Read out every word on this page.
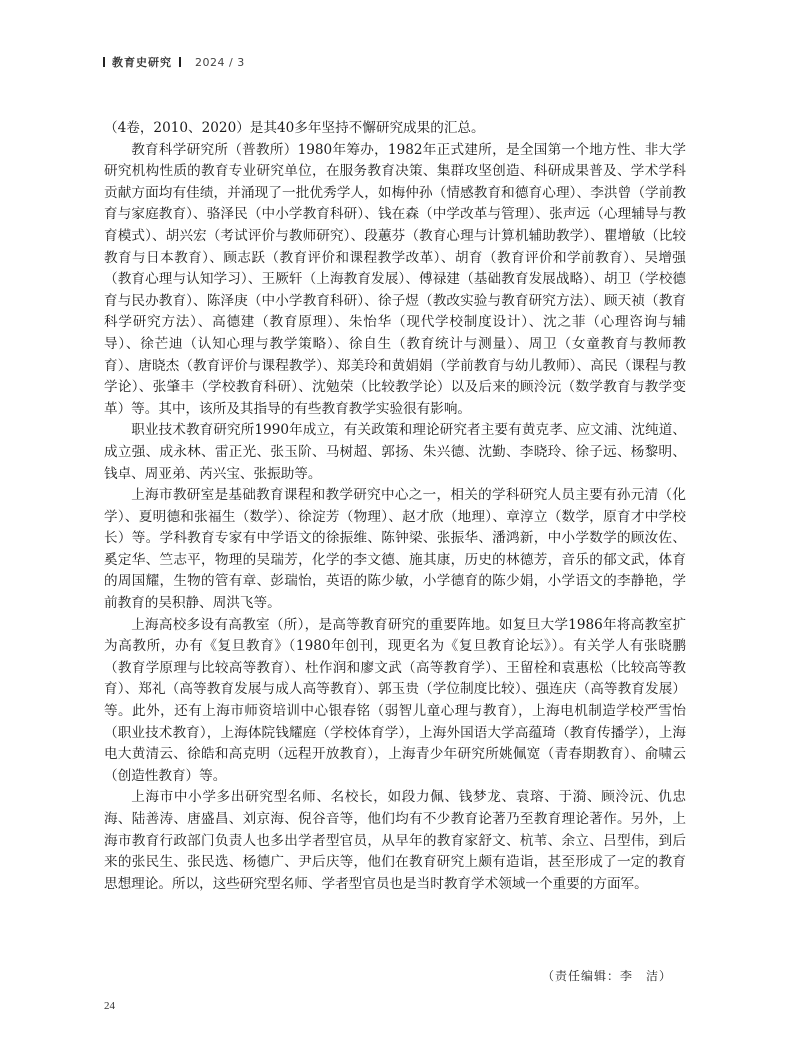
教育史研究 2024 / 3

（4卷，2010、2020）是其40多年坚持不懈研究成果的汇总。

教育科学研究所（普教所）1980年筹办，1982年正式建所，是全国第一个地方性、非大学研究机构性质的教育专业研究单位，在服务教育决策、集群攻坚创造、科研成果普及、学术学科贡献方面均有佳绩，并涌现了一批优秀学人，如梅仲孙（情感教育和德育心理）、李洪曾（学前教育与家庭教育）、骆泽民（中小学教育科研）、钱在森（中学改革与管理）、张声远（心理辅导与教育模式）、胡兴宏（考试评价与教师研究）、段蕙芬（教育心理与计算机辅助教学）、瞿增敏（比较教育与日本教育）、顾志跃（教育评价和课程教学改革）、胡育（教育评价和学前教育）、吴增强（教育心理与认知学习）、王厥轩（上海教育发展）、傅禄建（基础教育发展战略）、胡卫（学校德育与民办教育）、陈泽庚（中小学教育科研）、徐子煜（教改实验与教育研究方法）、顾天祯（教育科学研究方法）、高德建（教育原理）、朱怡华（现代学校制度设计）、沈之菲（心理咨询与辅导）、徐芒迪（认知心理与教学策略）、徐自生（教育统计与测量）、周卫（女童教育与教师教育）、唐晓杰（教育评价与课程教学）、郑美玲和黄娟娟（学前教育与幼儿教师）、高民（课程与教学论）、张肇丰（学校教育科研）、沈勉荣（比较教学论）以及后来的顾泠沅（数学教育与教学变革）等。其中，该所及其指导的有些教育教学实验很有影响。

职业技术教育研究所1990年成立，有关政策和理论研究者主要有黄克孝、应文浦、沈纯道、成立强、成永林、雷正光、张玉阶、马树超、郭扬、朱兴德、沈勤、李晓玲、徐子远、杨黎明、钱卓、周亚弟、芮兴宝、张振助等。

上海市教研室是基础教育课程和教学研究中心之一，相关的学科研究人员主要有孙元清（化学）、夏明德和张福生（数学）、徐淀芳（物理）、赵才欣（地理）、章淳立（数学，原育才中学校长）等。学科教育专家有中学语文的徐振维、陈钟梁、张振华、潘鸿新，中小学数学的顾汝佐、奚定华、竺志平，物理的吴瑞芳，化学的李文德、施其康，历史的林德芳，音乐的郁文武，体育的周国耀，生物的管有章、彭瑞怡，英语的陈少敏，小学德育的陈少娟，小学语文的李静艳，学前教育的吴积静、周洪飞等。

上海高校多设有高教室（所），是高等教育研究的重要阵地。如复旦大学1986年将高教室扩为高教所，办有《复旦教育》（1980年创刊，现更名为《复旦教育论坛》）。有关学人有张晓鹏（教育学原理与比较高等教育）、杜作润和廖文武（高等教育学）、王留栓和袁惠松（比较高等教育）、郑礼（高等教育发展与成人高等教育）、郭玉贵（学位制度比较）、强连庆（高等教育发展）等。此外，还有上海市师资培训中心银春铭（弱智儿童心理与教育），上海电机制造学校严雪怡（职业技术教育），上海体院钱耀庭（学校体育学），上海外国语大学高蕴琦（教育传播学），上海电大黄清云、徐皓和高克明（远程开放教育），上海青少年研究所姚佩宽（青春期教育）、俞啸云（创造性教育）等。

上海市中小学多出研究型名师、名校长，如段力佩、钱梦龙、袁瑢、于漪、顾泠沅、仇忠海、陆善涛、唐盛昌、刘京海、倪谷音等，他们均有不少教育论著乃至教育理论著作。另外，上海市教育行政部门负责人也多出学者型官员，从早年的教育家舒文、杭苇、余立、吕型伟，到后来的张民生、张民选、杨德广、尹后庆等，他们在教育研究上颇有造诣，甚至形成了一定的教育思想理论。所以，这些研究型名师、学者型官员也是当时教育学术领域一个重要的方面军。

（责任编辑：李　洁）
24
